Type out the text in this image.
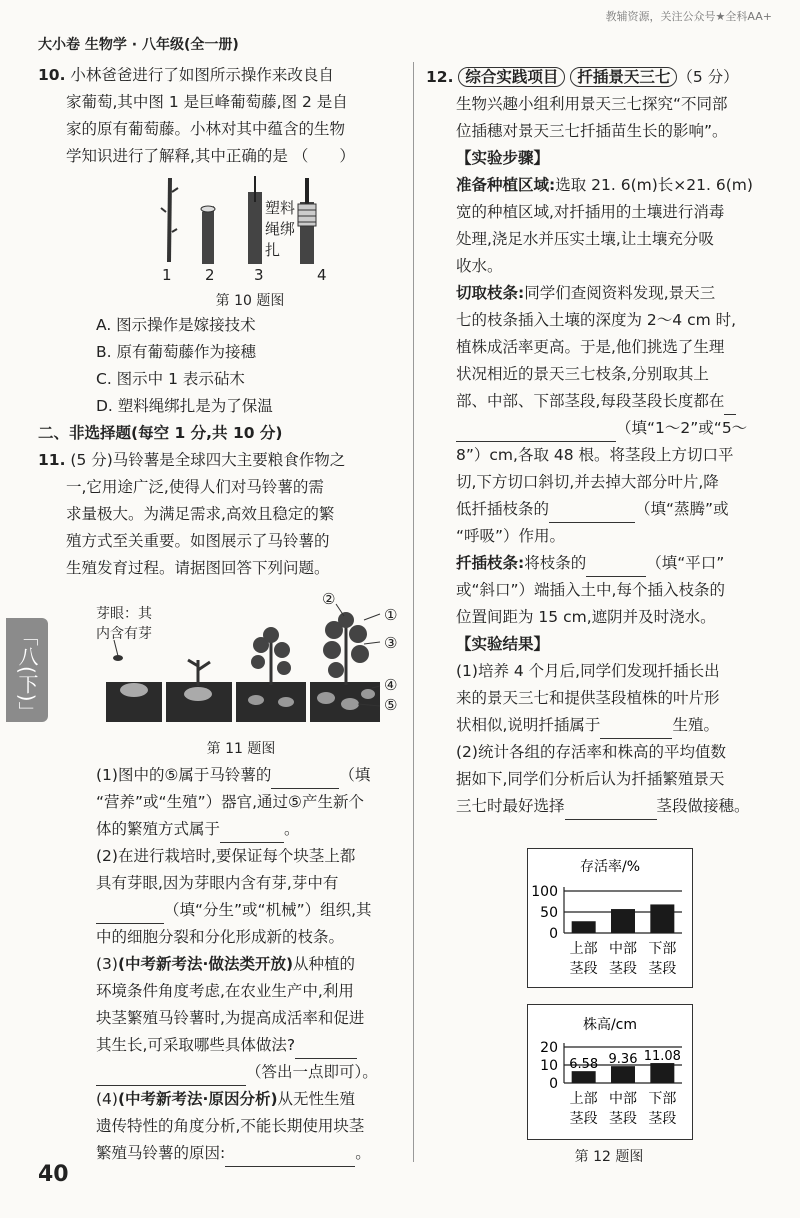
教辅资源，关注公众号★全科AA+
大小卷 生物学 · 八年级(全一册)
「八(下)」
10. 小林爸爸进行了如图所示操作来改良自
家葡萄,其中图 1 是巨峰葡萄藤,图 2 是自
家的原有葡萄藤。小林对其中蕴含的生物
学知识进行了解释,其中正确的是 （　　）
塑料绳绑扎
1 2	3	4
第 10 题图
A. 图示操作是嫁接技术
B. 原有葡萄藤作为接穗
C. 图示中 1 表示砧木
D. 塑料绳绑扎是为了保温
二、非选择题(每空 1 分,共 10 分)
11. (5 分)马铃薯是全球四大主要粮食作物之
一,它用途广泛,使得人们对马铃薯的需
求量极大。为满足需求,高效且稳定的繁
殖方式至关重要。如图展示了马铃薯的
生殖发育过程。请据图回答下列问题。
芽眼：其
内含有芽
②
①
③
④
⑤
第 11 题图
(1)图中的⑤属于马铃薯的	（填
“营养”或“生殖”）器官,通过⑤产生新个
体的繁殖方式属于	。
(2)在进行栽培时,要保证每个块茎上都
具有芽眼,因为芽眼内含有芽,芽中有
（填“分生”或“机械”）组织,其
中的细胞分裂和分化形成新的枝条。
(3)(中考新考法·做法类开放)从种植的
环境条件角度考虑,在农业生产中,利用
块茎繁殖马铃薯时,为提高成活率和促进
其生长,可采取哪些具体做法?
（答出一点即可）。
(4)(中考新考法·原因分析)从无性生殖
遗传特性的角度分析,不能长期使用块茎
繁殖马铃薯的原因:	。
40
12. 综合实践项目 扦插景天三七 （5 分）
生物兴趣小组利用景天三七探究“不同部
位插穗对景天三七扦插苗生长的影响”。
【实验步骤】
准备种植区域:选取 21. 6(m)长×21. 6(m)
宽的种植区域,对扦插用的土壤进行消毒
处理,浇足水并压实土壤,让土壤充分吸
收水。
切取枝条:同学们查阅资料发现,景天三
七的枝条插入土壤的深度为 2～4 cm 时,
植株成活率更高。于是,他们挑选了生理
状况相近的景天三七枝条,分别取其上
部、中部、下部茎段,每段茎段长度都在
（填“1～2”或“5～
8”）cm,各取 48 根。将茎段上方切口平
切,下方切口斜切,并去掉大部分叶片,降
低扦插枝条的	（填“蒸腾”或
“呼吸”）作用。
扦插枝条:将枝条的	（填“平口”
或“斜口”）端插入土中,每个插入枝条的
位置间距为 15 cm,遮阴并及时浇水。
【实验结果】
(1)培养 4 个月后,同学们发现扦插长出
来的景天三七和提供茎段植株的叶片形
状相似,说明扦插属于	生殖。
(2)统计各组的存活率和株高的平均值数
据如下,同学们分析后认为扦插繁殖景天
三七时最好选择	茎段做接穗。
存活率/%
0
50
100
上部
茎段
中部
茎段
下部
茎段
株高/cm
0
10
20
6.58
上部
茎段
9.36
中部
茎段
11.08
下部
茎段
第 12 题图
